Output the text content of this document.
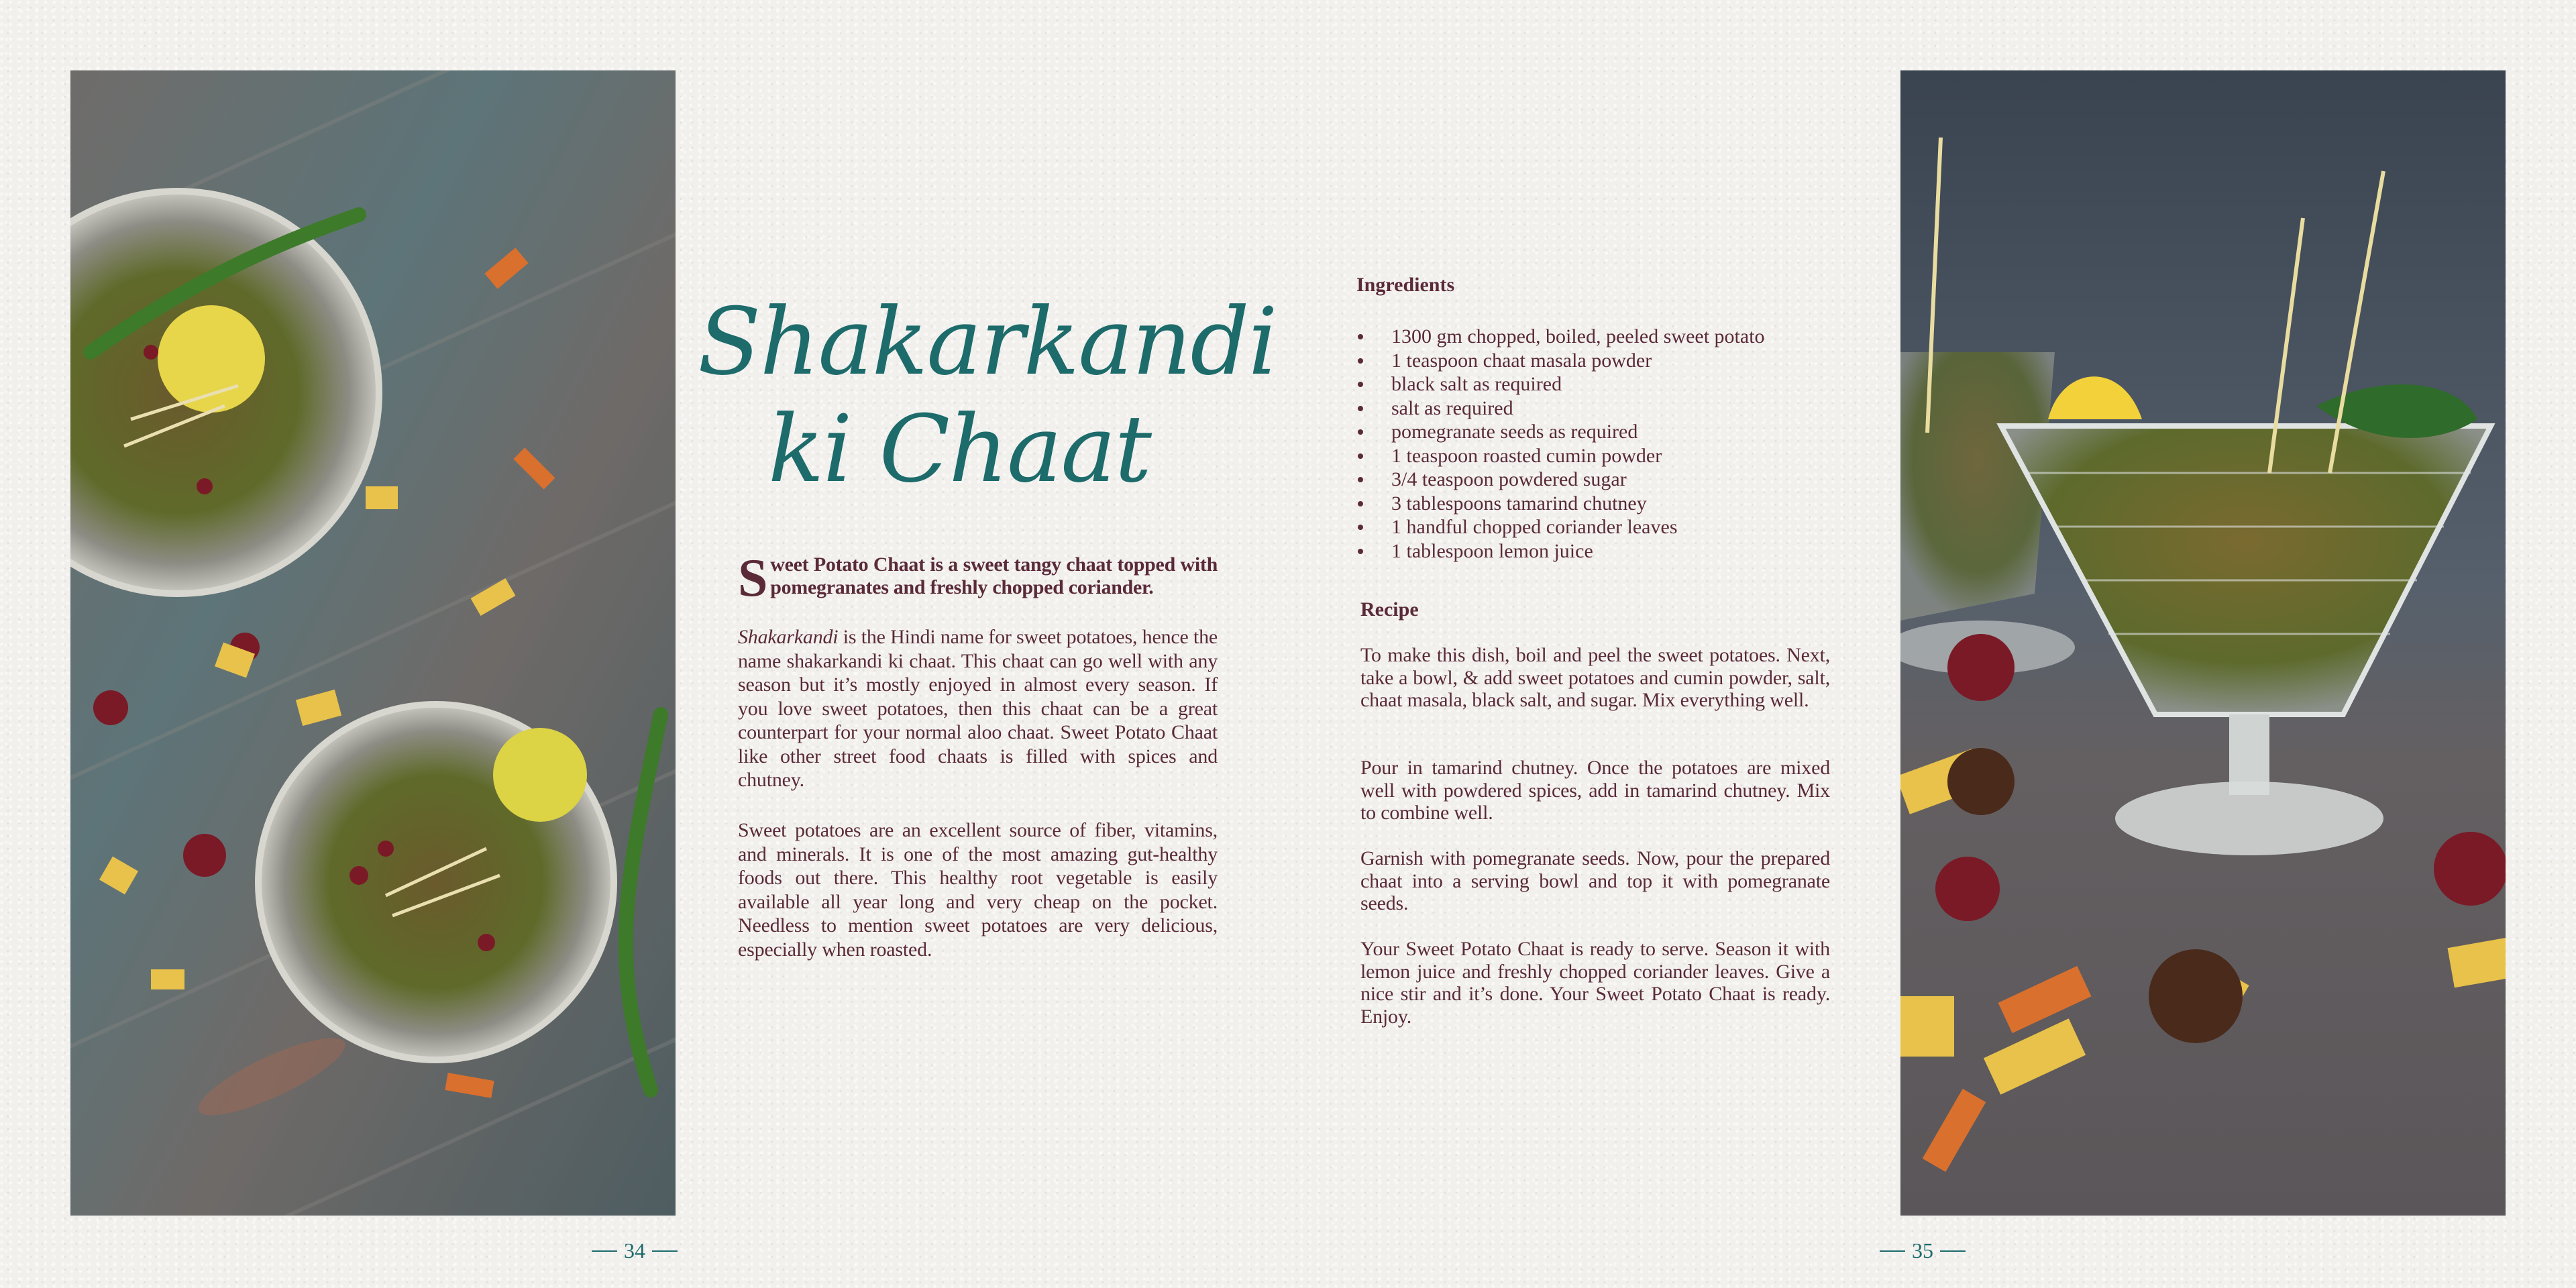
Shakarkandi
ki Chaat
Sweet Potato Chaat is a sweet tangy chaat topped with pomegranates and freshly chopped coriander.

Shakarkandi is the Hindi name for sweet potatoes, hence the name shakarkandi ki chaat. This chaat can go well with any season but it’s mostly enjoyed in almost every season. If you love sweet potatoes, then this chaat can be a great counterpart for your normal aloo chaat. Sweet Potato Chaat like other street food chaats is filled with spices and chutney.

Sweet potatoes are an excellent source of fiber, vitamins, and minerals. It is one of the most amazing gut-healthy foods out there. This healthy root vegetable is easily available all year long and very cheap on the pocket. Needless to mention sweet potatoes are very delicious, especially when roasted.

34
Ingredients
1300 gm chopped, boiled, peeled sweet potato
1 teaspoon chaat masala powder
black salt as required
salt as required
pomegranate seeds as required
1 teaspoon roasted cumin powder
3/4 teaspoon powdered sugar
3 tablespoons tamarind chutney
1 handful chopped coriander leaves
1 tablespoon lemon juice
Recipe

To make this dish, boil and peel the sweet potatoes. Next, take a bowl, & add sweet potatoes and cumin powder, salt, chaat masala, black salt, and sugar. Mix everything well.

Pour in tamarind chutney. Once the potatoes are mixed well with powdered spices, add in tamarind chutney. Mix to combine well.

Garnish with pomegranate seeds. Now, pour the prepared chaat into a serving bowl and top it with pomegranate seeds.

Your Sweet Potato Chaat is ready to serve. Season it with lemon juice and freshly chopped coriander leaves. Give a nice stir and it’s done. Your Sweet Potato Chaat is ready. Enjoy.

35
